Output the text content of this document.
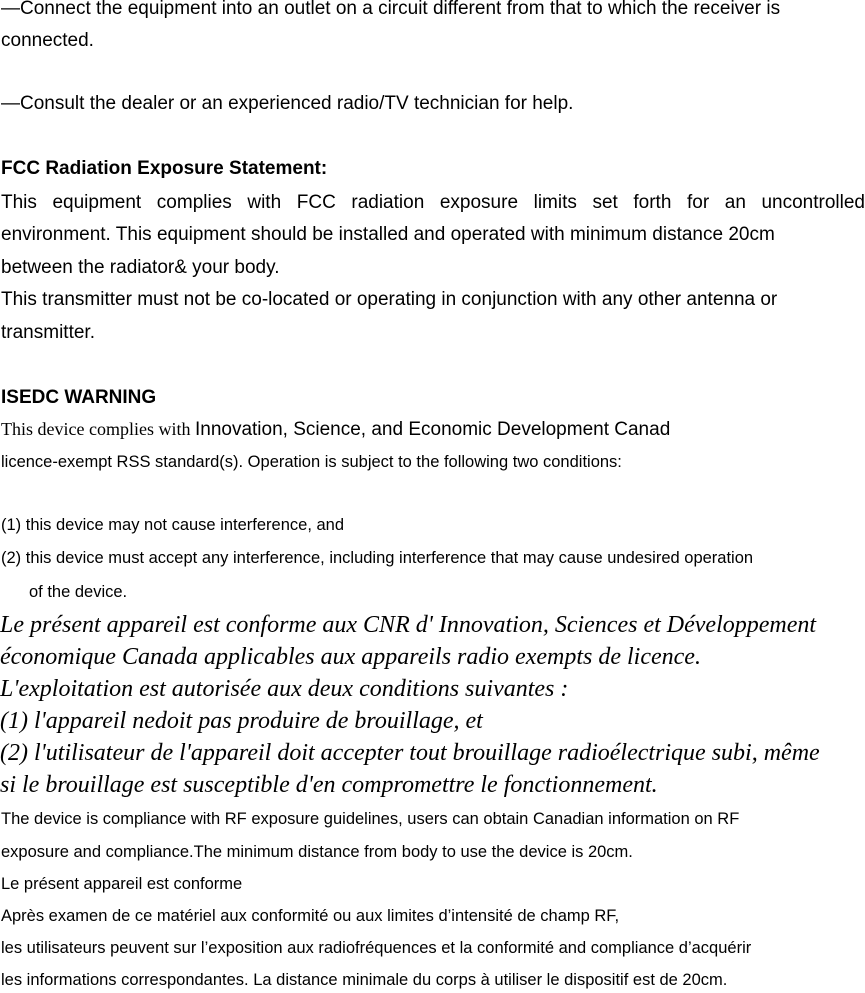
—Connect the equipment into an outlet on a circuit different from that to which the receiver is

connected.

—Consult the dealer or an experienced radio/TV technician for help.

FCC Radiation Exposure Statement:

This equipment complies with FCC radiation exposure limits set forth for an uncontrolled

environment. This equipment should be installed and operated with minimum distance 20cm

between the radiator& your body.

This transmitter must not be co-located or operating in conjunction with any other antenna or

transmitter.

ISEDC WARNING

This device complies with Innovation, Science, and Economic Development Canad

licence-exempt RSS standard(s). Operation is subject to the following two conditions:

(1) this device may not cause interference, and

(2) this device must accept any interference, including interference that may cause undesired operation

of the device.

Le présent appareil est conforme aux CNR d' Innovation, Sciences et Développement

économique Canada applicables aux appareils radio exempts de licence.

L'exploitation est autorisée aux deux conditions suivantes :

(1) l'appareil nedoit pas produire de brouillage, et

(2) l'utilisateur de l'appareil doit accepter tout brouillage radioélectrique subi, même

si le brouillage est susceptible d'en compromettre le fonctionnement.

The device is compliance with RF exposure guidelines, users can obtain Canadian information on RF

exposure and compliance.The minimum distance from body to use the device is 20cm.

Le présent appareil est conforme

Après examen de ce matériel aux conformité ou aux limites d’intensité de champ RF,

les utilisateurs peuvent sur l’exposition aux radiofréquences et la conformité and compliance d’acquérir

les informations correspondantes. La distance minimale du corps à utiliser le dispositif est de 20cm.
